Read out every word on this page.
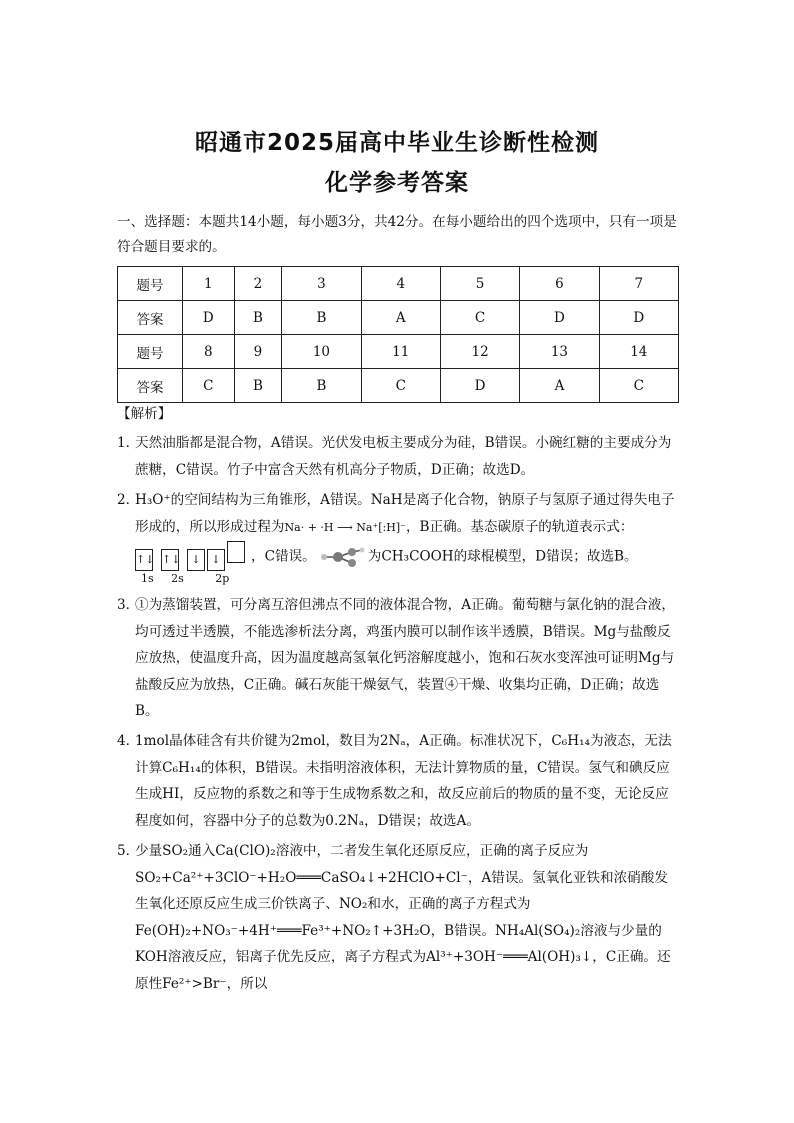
昭通市2025届高中毕业生诊断性检测
化学参考答案
一、选择题：本题共14小题，每小题3分，共42分。在每小题给出的四个选项中，只有一项是符合题目要求的。
题号	1	2	3	4	5	6	7
答案	D	B	B	A	C	D	D
题号	8	9	10	11	12	13	14
答案	C	B	B	C	D	A	C
【解析】
1．
天然油脂都是混合物，A错误。光伏发电板主要成分为硅，B错误。小碗红糖的主要成分为蔗糖，C错误。竹子中富含天然有机高分子物质，D正确；故选D。
2．
H₃O⁺的空间结构为三角锥形，A错误。NaH是离子化合物，钠原子与氢原子通过得失电子形成的，所以形成过程为Na· + ·H ⟶ Na⁺[:H]⁻，B正确。基态碳原子的轨道表示式：
↑↓ ↑↓ ↓ ↓ ，C错误。	为CH₃COOH的球棍模型，D错误；故选B。
1s 2s	2p
3．
①为蒸馏装置，可分离互溶但沸点不同的液体混合物，A正确。葡萄糖与氯化钠的混合液，均可透过半透膜，不能选渗析法分离，鸡蛋内膜可以制作该半透膜，B错误。Mg与盐酸反应放热，使温度升高，因为温度越高氢氧化钙溶解度越小，饱和石灰水变浑浊可证明Mg与盐酸反应为放热，C正确。碱石灰能干燥氨气，装置④干燥、收集均正确，D正确；故选B。
4．
1mol晶体硅含有共价键为2mol，数目为2Nₐ，A正确。标准状况下，C₆H₁₄为液态，无法计算C₆H₁₄的体积，B错误。未指明溶液体积，无法计算物质的量，C错误。氢气和碘反应生成HI，反应物的系数之和等于生成物系数之和，故反应前后的物质的量不变，无论反应程度如何，容器中分子的总数为0.2Nₐ，D错误；故选A。
5．
少量SO₂通入Ca(ClO)₂溶液中，二者发生氧化还原反应，正确的离子反应为SO₂+Ca²⁺+3ClO⁻+H₂O═══CaSO₄↓+2HClO+Cl⁻，A错误。氢氧化亚铁和浓硝酸发生氧化还原反应生成三价铁离子、NO₂和水，正确的离子方程式为Fe(OH)₂+NO₃⁻+4H⁺═══Fe³⁺+NO₂↑+3H₂O，B错误。NH₄Al(SO₄)₂溶液与少量的KOH溶液反应，铝离子优先反应，离子方程式为Al³⁺+3OH⁻═══Al(OH)₃↓，C正确。还原性Fe²⁺>Br⁻，所以
